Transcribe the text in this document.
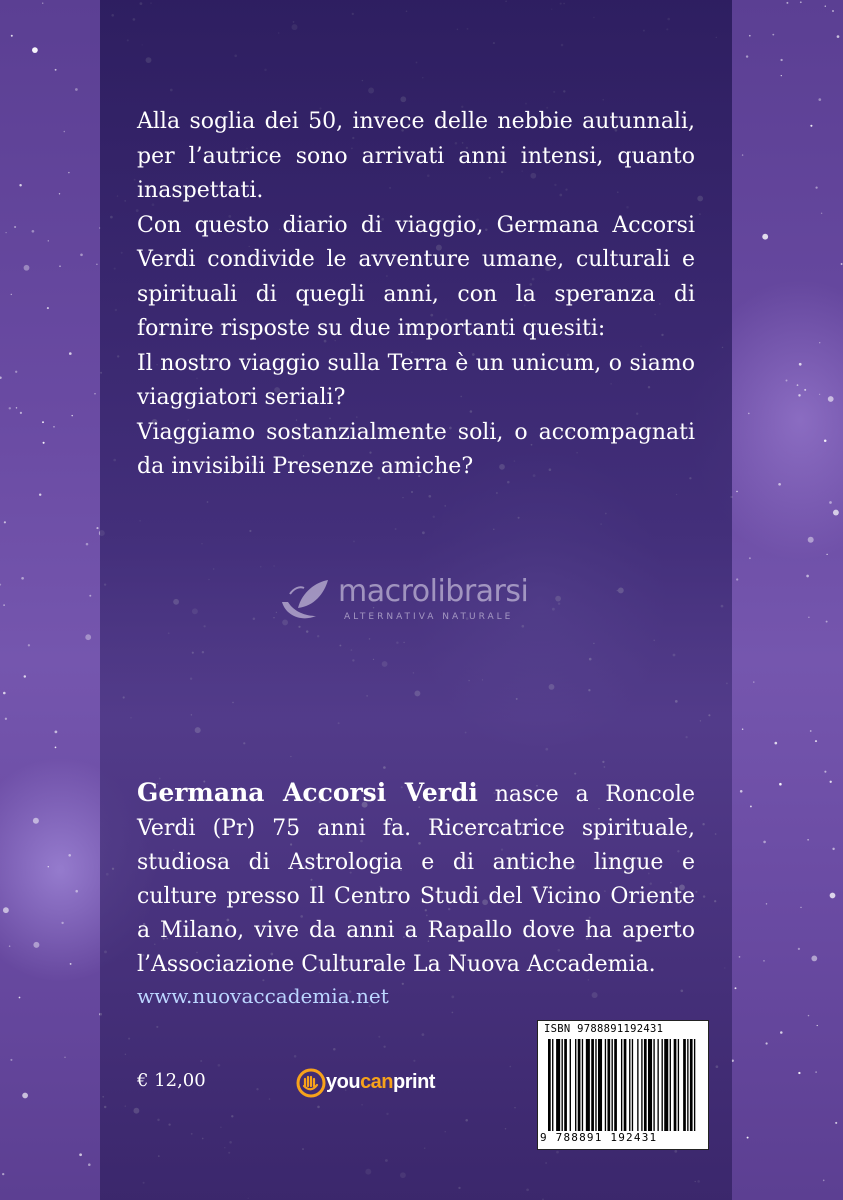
Alla soglia dei 50, invece delle nebbie autunnali, per l’autrice sono arrivati anni intensi, quanto inaspettati.

Con questo diario di viaggio, Germana Accorsi Verdi condivide le avventure umane, culturali e spirituali di quegli anni, con la speranza di fornire risposte su due importanti quesiti:

Il nostro viaggio sulla Terra è un unicum, o siamo viaggiatori seriali?

Viaggiamo sostanzialmente soli, o accompagnati da invisibili Presenze amiche?

macrolibrarsi
ALTERNATIVA NATURALE

Germana Accorsi Verdi nasce a Roncole Verdi (Pr) 75 anni fa. Ricercatrice spirituale, studiosa di Astrologia e di antiche lingue e culture presso Il Centro Studi del Vicino Oriente a Milano, vive da anni a Rapallo dove ha aperto l’Associazione Culturale La Nuova Accademia.

www.nuovaccademia.net
€ 12,00	youcanprint
ISBN 9788891192431
9 788891 192431
